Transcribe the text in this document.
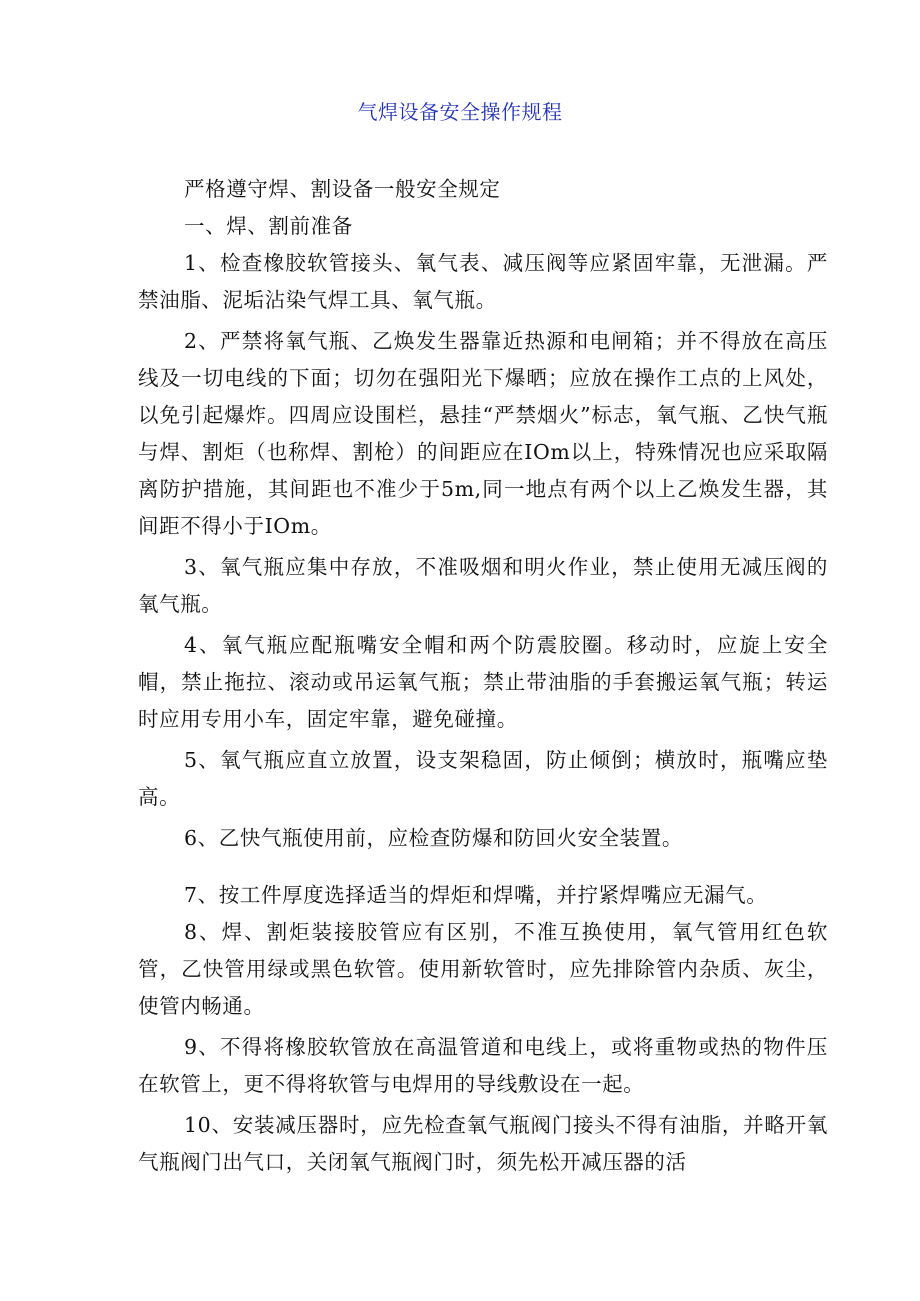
气焊设备安全操作规程

严格遵守焊、割设备一般安全规定

一、焊、割前准备

1、检查橡胶软管接头、氧气表、减压阀等应紧固牢靠，无泄漏。严禁油脂、泥垢沾染气焊工具、氧气瓶。

2、严禁将氧气瓶、乙焕发生器靠近热源和电闸箱；并不得放在高压线及一切电线的下面；切勿在强阳光下爆晒；应放在操作工点的上风处，以免引起爆炸。四周应设围栏，悬挂“严禁烟火”标志，氧气瓶、乙快气瓶与焊、割炬（也称焊、割枪）的间距应在IOm以上，特殊情况也应采取隔离防护措施，其间距也不准少于5m,同一地点有两个以上乙焕发生器，其间距不得小于IOm。

3、氧气瓶应集中存放，不准吸烟和明火作业，禁止使用无减压阀的氧气瓶。

4、氧气瓶应配瓶嘴安全帽和两个防震胶圈。移动时，应旋上安全帽，禁止拖拉、滚动或吊运氧气瓶；禁止带油脂的手套搬运氧气瓶；转运时应用专用小车，固定牢靠，避免碰撞。

5、氧气瓶应直立放置，设支架稳固，防止倾倒；横放时，瓶嘴应垫高。

6、乙快气瓶使用前，应检查防爆和防回火安全装置。

7、按工件厚度选择适当的焊炬和焊嘴，并拧紧焊嘴应无漏气。

8、焊、割炬装接胶管应有区别，不准互换使用，氧气管用红色软管，乙快管用绿或黑色软管。使用新软管时，应先排除管内杂质、灰尘，使管内畅通。

9、不得将橡胶软管放在高温管道和电线上，或将重物或热的物件压在软管上，更不得将软管与电焊用的导线敷设在一起。

10、安装减压器时，应先检查氧气瓶阀门接头不得有油脂，并略开氧气瓶阀门出气口，关闭氧气瓶阀门时，须先松开减压器的活
